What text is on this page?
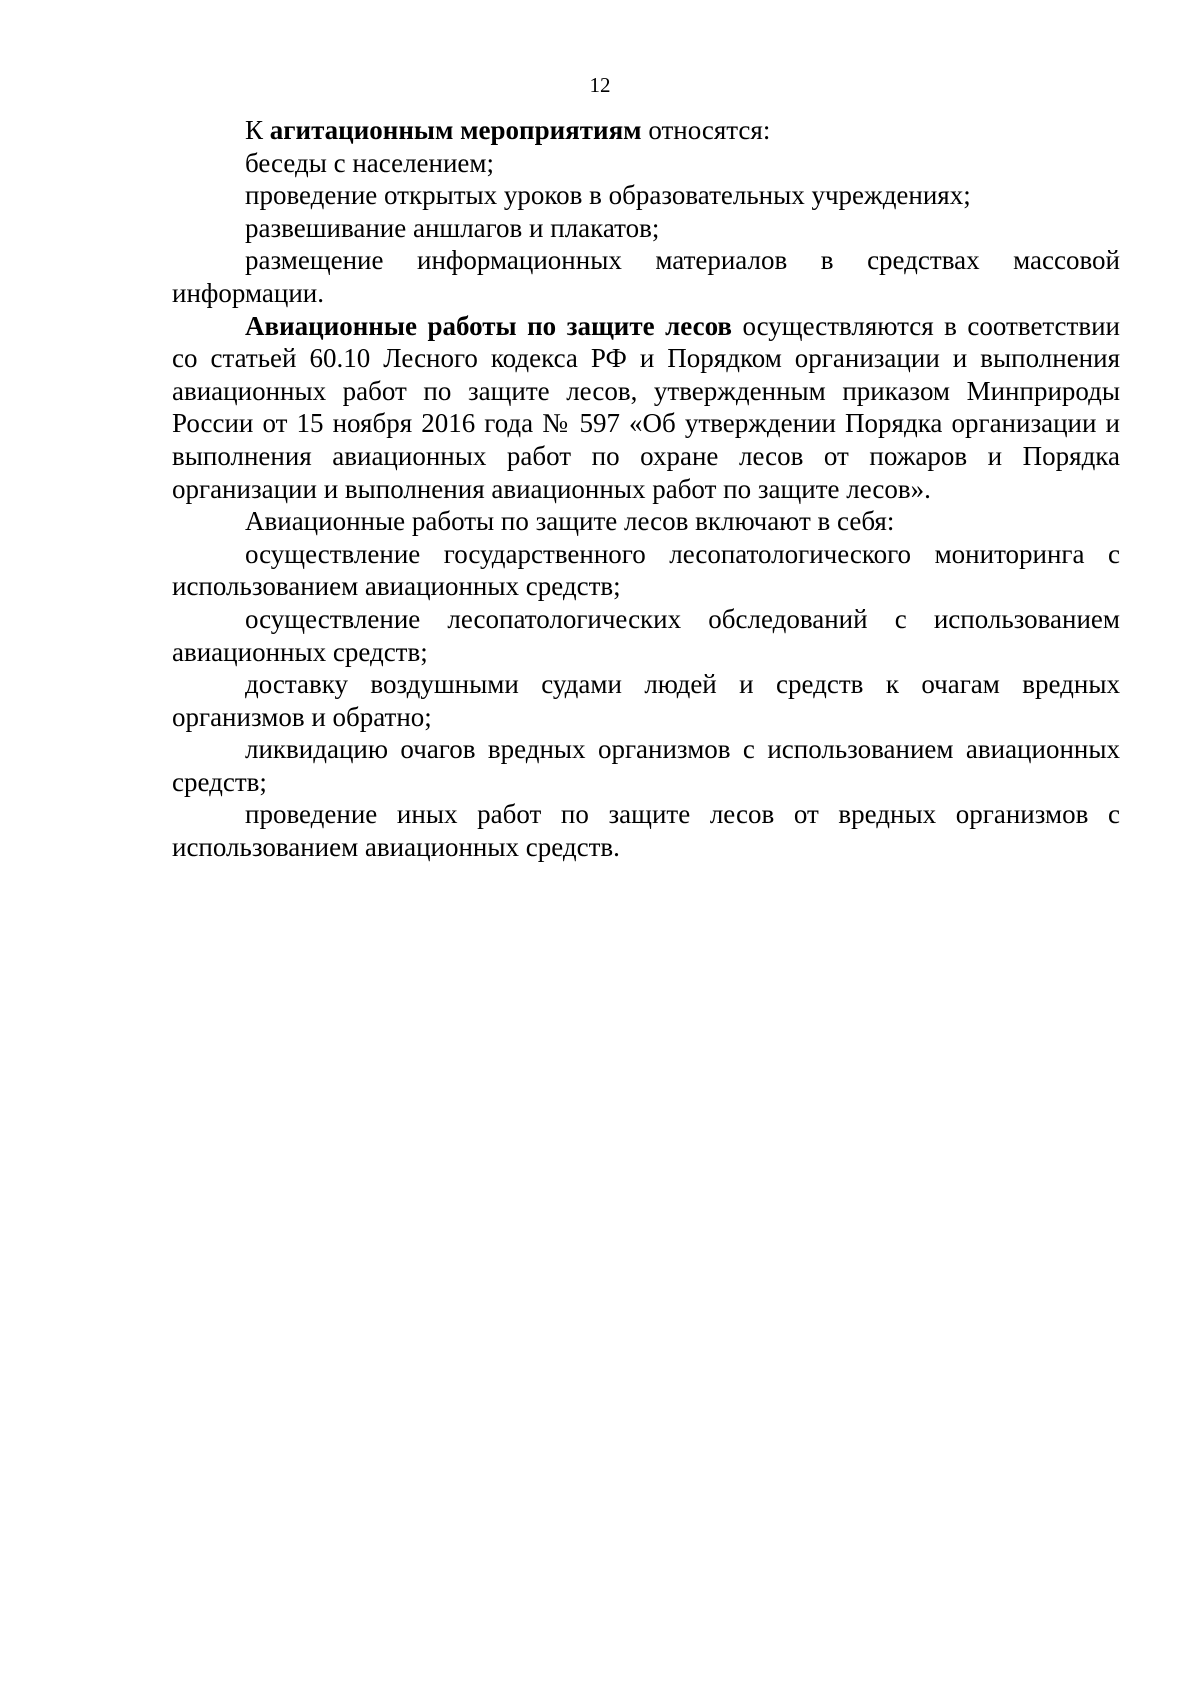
12

К агитационным мероприятиям относятся:

беседы с населением;

проведение открытых уроков в образовательных учреждениях;

развешивание аншлагов и плакатов;

размещение информационных материалов в средствах массовой информации.

Авиационные работы по защите лесов осуществляются в соответствии со статьей 60.10 Лесного кодекса РФ и Порядком организации и выполнения авиационных работ по защите лесов, утвержденным приказом Минприроды России от 15 ноября 2016 года № 597 «Об утверждении Порядка организации и выполнения авиационных работ по охране лесов от пожаров и Порядка организации и выполнения авиационных работ по защите лесов».

Авиационные работы по защите лесов включают в себя:

осуществление государственного лесопатологического мониторинга с использованием авиационных средств;

осуществление лесопатологических обследований с использованием авиационных средств;

доставку воздушными судами людей и средств к очагам вредных организмов и обратно;

ликвидацию очагов вредных организмов с использованием авиационных средств;

проведение иных работ по защите лесов от вредных организмов с использованием авиационных средств.
